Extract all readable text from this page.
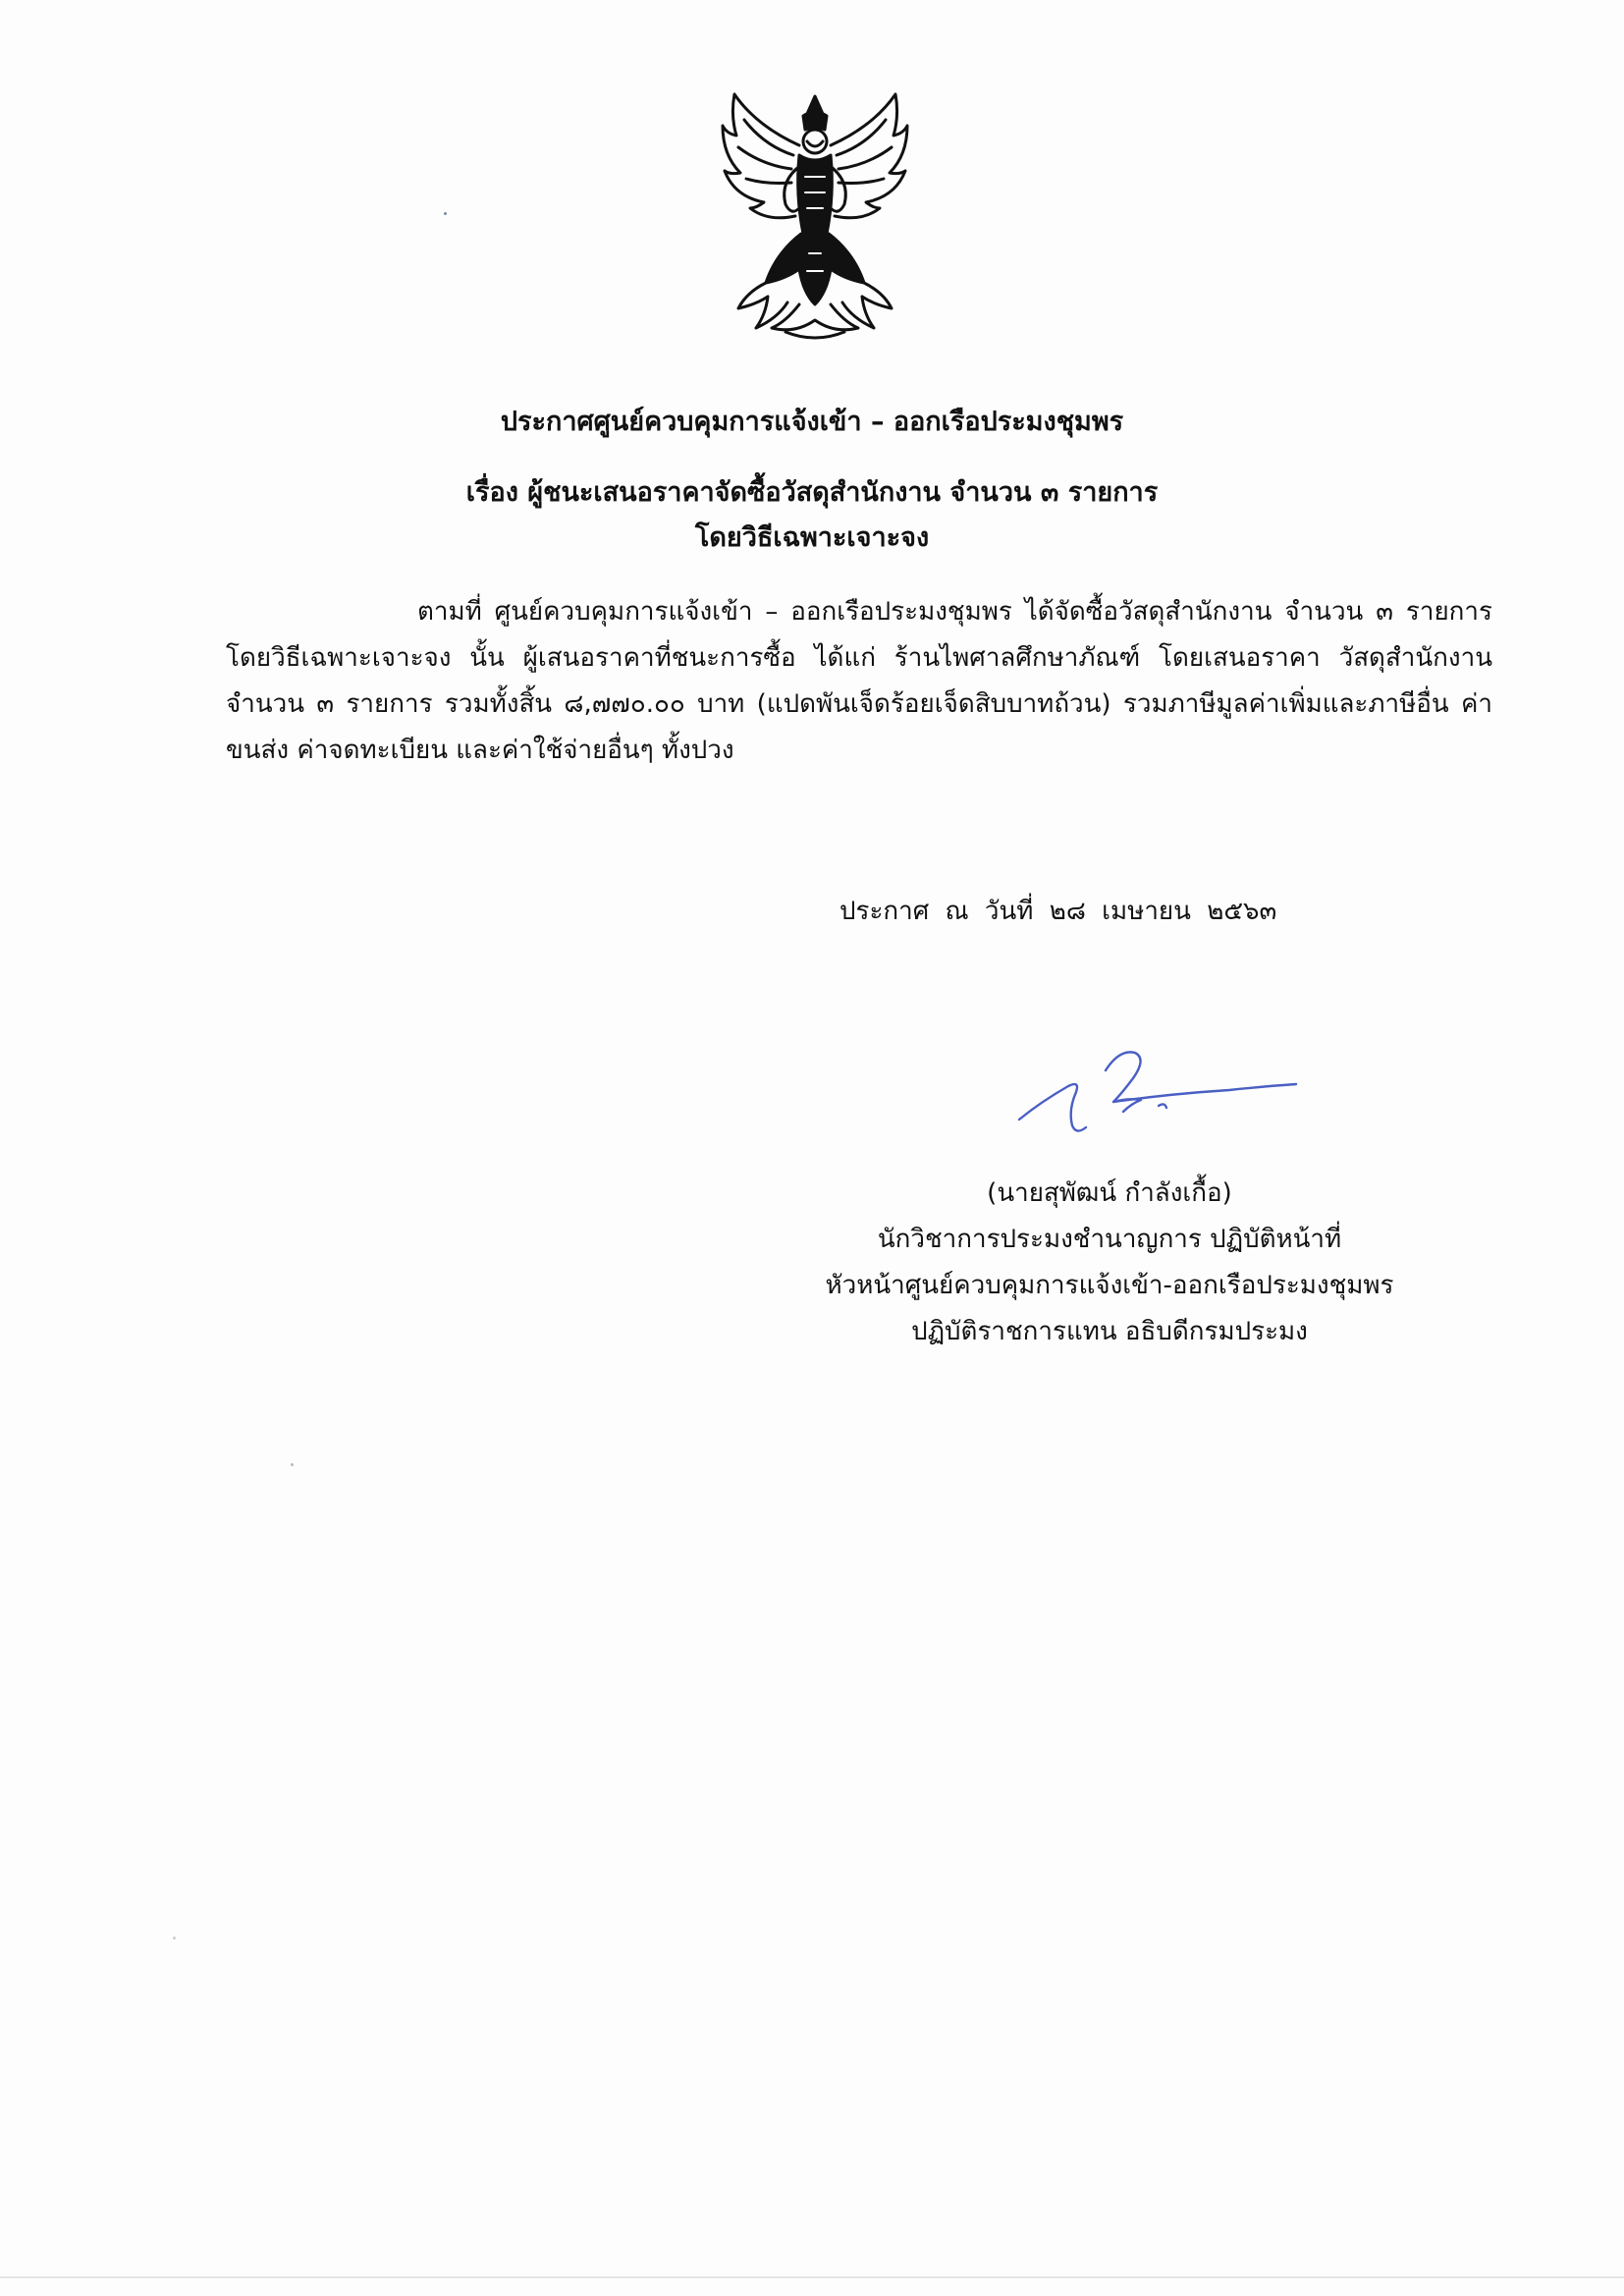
ประกาศศูนย์ควบคุมการแจ้งเข้า – ออกเรือประมงชุมพร
เรื่อง ผู้ชนะเสนอราคาจัดซื้อวัสดุสำนักงาน จำนวน ๓ รายการ
โดยวิธีเฉพาะเจาะจง
ตามที่ ศูนย์ควบคุมการแจ้งเข้า – ออกเรือประมงชุมพร ได้จัดซื้อวัสดุสำนักงาน จำนวน ๓ รายการ โดยวิธีเฉพาะเจาะจง นั้น ผู้เสนอราคาที่ชนะการซื้อ ได้แก่ ร้านไพศาลศึกษาภัณฑ์ โดยเสนอราคา วัสดุสำนักงาน จำนวน ๓ รายการ รวมทั้งสิ้น ๘,๗๗๐.๐๐ บาท (แปดพันเจ็ดร้อยเจ็ดสิบบาทถ้วน) รวมภาษีมูลค่าเพิ่มและภาษีอื่น ค่าขนส่ง ค่าจดทะเบียน และค่าใช้จ่ายอื่นๆ ทั้งปวง
ประกาศ ณ วันที่ ๒๘ เมษายน ๒๕๖๓
(นายสุพัฒน์ กำลังเกื้อ)
นักวิชาการประมงชำนาญการ ปฏิบัติหน้าที่
หัวหน้าศูนย์ควบคุมการแจ้งเข้า-ออกเรือประมงชุมพร
ปฏิบัติราชการแทน อธิบดีกรมประมง
